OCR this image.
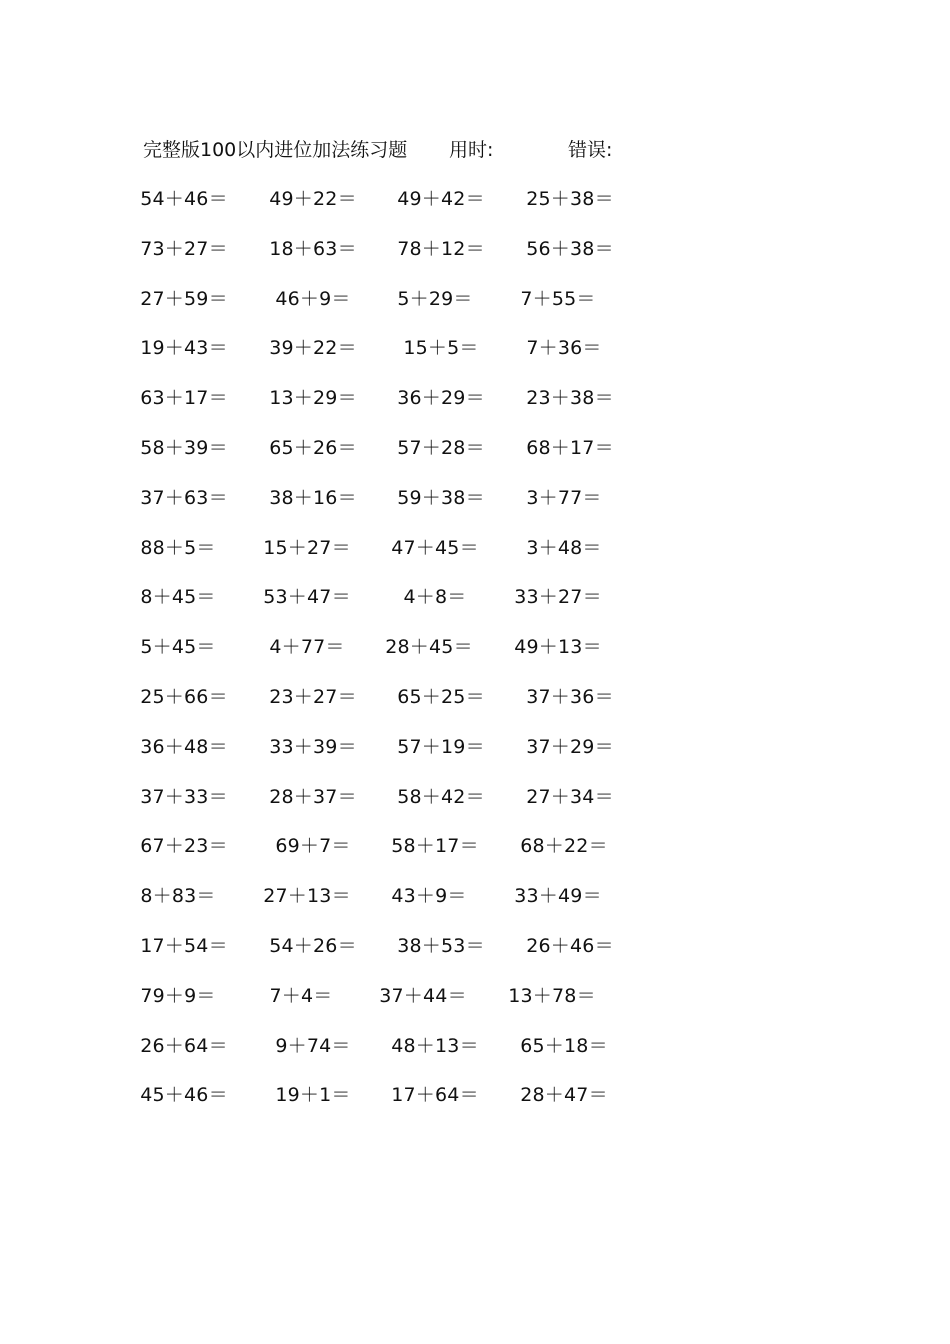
完整版100以内进位加法练习题 用时:	错误:
54＋46＝	49＋22＝	49＋42＝	25＋38＝
73＋27＝	18＋63＝	78＋12＝	56＋38＝
27＋59＝	46＋9＝	5＋29＝	7＋55＝
19＋43＝	39＋22＝	15＋5＝	7＋36＝
63＋17＝	13＋29＝	36＋29＝	23＋38＝
58＋39＝	65＋26＝	57＋28＝	68＋17＝
37＋63＝	38＋16＝	59＋38＝	3＋77＝
88＋5＝	15＋27＝	47＋45＝	3＋48＝
8＋45＝	53＋47＝	4＋8＝	33＋27＝
5＋45＝	4＋77＝	28＋45＝	49＋13＝
25＋66＝	23＋27＝	65＋25＝	37＋36＝
36＋48＝	33＋39＝	57＋19＝	37＋29＝
37＋33＝	28＋37＝	58＋42＝	27＋34＝
67＋23＝	69＋7＝	58＋17＝	68＋22＝
8＋83＝	27＋13＝	43＋9＝	33＋49＝
17＋54＝	54＋26＝	38＋53＝	26＋46＝
79＋9＝	7＋4＝	37＋44＝	13＋78＝
26＋64＝	9＋74＝	48＋13＝	65＋18＝
45＋46＝	19＋1＝	17＋64＝	28＋47＝
